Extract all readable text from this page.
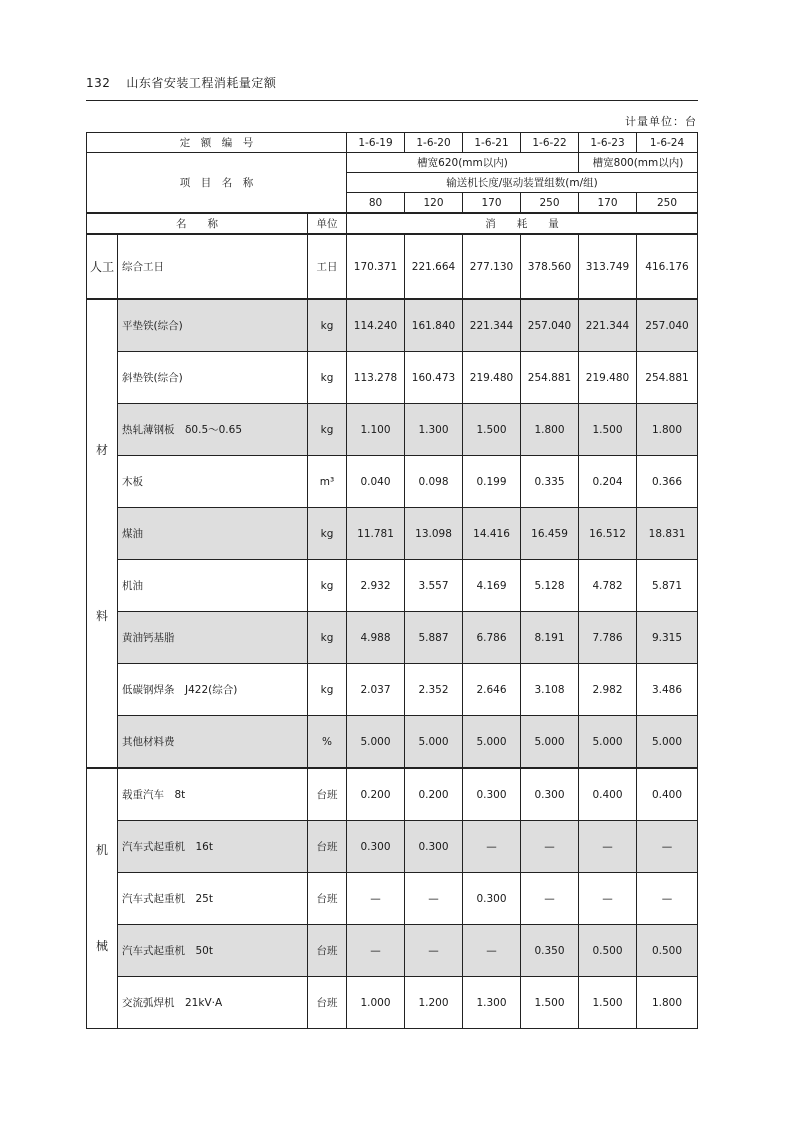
132 山东省安装工程消耗量定额
计量单位：台
定　额　编　号			1-6-19	1-6-20	1-6-21	1-6-22	1-6-23	1-6-24
项　目　名　称			槽宽620(mm以内)				槽宽800(mm以内)	
			输送机长度/驱动装置组数(m/组)					
			80	120	170	250	170	250
名　　称		单位	消　　耗　　量					
人工	综合工日	工日	170.371	221.664	277.130	378.560	313.749	416.176

材
料	平垫铁(综合)	kg	114.240	161.840	221.344	257.040	221.344	257.040
	斜垫铁(综合)	kg	113.278	160.473	219.480	254.881	219.480	254.881
	热轧薄钢板　δ0.5～0.65	kg	1.100	1.300	1.500	1.800	1.500	1.800
	木板	m³	0.040	0.098	0.199	0.335	0.204	0.366
	煤油	kg	11.781	13.098	14.416	16.459	16.512	18.831
	机油	kg	2.932	3.557	4.169	5.128	4.782	5.871
	黄油钙基脂	kg	4.988	5.887	6.786	8.191	7.786	9.315
	低碳钢焊条　J422(综合)	kg	2.037	2.352	2.646	3.108	2.982	3.486
	其他材料费	%	5.000	5.000	5.000	5.000	5.000	5.000

机
械	载重汽车　8t	台班	0.200	0.200	0.300	0.300	0.400	0.400
	汽车式起重机　16t	台班	0.300	0.300	—	—	—	—
	汽车式起重机　25t	台班	—	—	0.300	—	—	—
	汽车式起重机　50t	台班	—	—	—	0.350	0.500	0.500
	交流弧焊机　21kV·A	台班	1.000	1.200	1.300	1.500	1.500	1.800
